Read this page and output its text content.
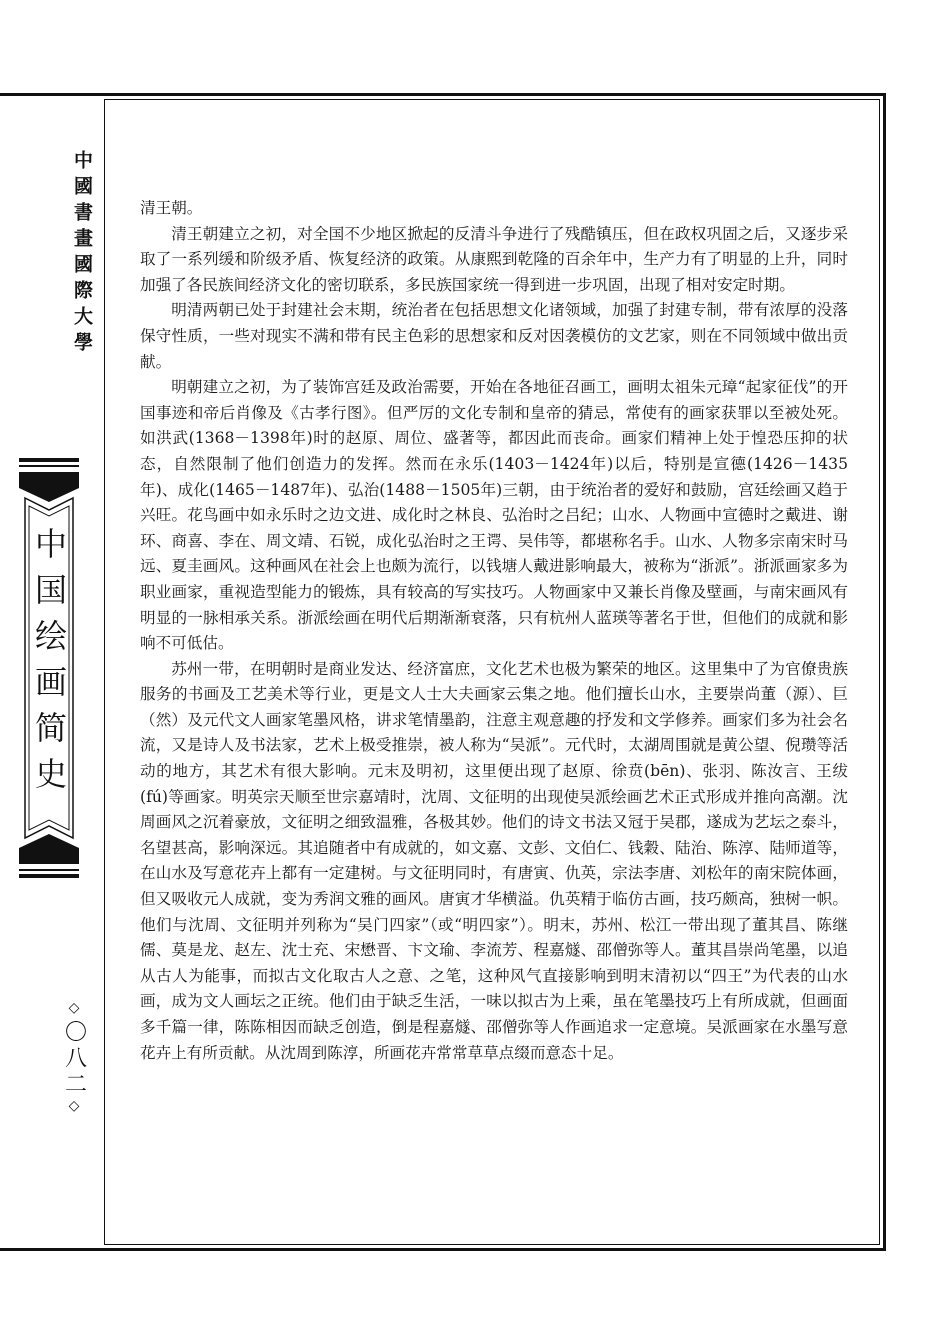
中國書畫國際大學
中国绘画简史
◇
〇八二
◇

清王朝。

清王朝建立之初，对全国不少地区掀起的反清斗争进行了残酷镇压，但在政权巩固之后，又逐步采取了一系列缓和阶级矛盾、恢复经济的政策。从康熙到乾隆的百余年中，生产力有了明显的上升，同时加强了各民族间经济文化的密切联系，多民族国家统一得到进一步巩固，出现了相对安定时期。

明清两朝已处于封建社会末期，统治者在包括思想文化诸领域，加强了封建专制，带有浓厚的没落保守性质，一些对现实不满和带有民主色彩的思想家和反对因袭模仿的文艺家，则在不同领域中做出贡献。

明朝建立之初，为了装饰宫廷及政治需要，开始在各地征召画工，画明太祖朱元璋“起家征伐”的开国事迹和帝后肖像及《古孝行图》。但严厉的文化专制和皇帝的猜忌，常使有的画家获罪以至被处死。如洪武(1368－1398年)时的赵原、周位、盛著等，都因此而丧命。画家们精神上处于惶恐压抑的状态，自然限制了他们创造力的发挥。然而在永乐(1403－1424年)以后，特别是宣德(1426－1435年)、成化(1465－1487年)、弘治(1488－1505年)三朝，由于统治者的爱好和鼓励，宫廷绘画又趋于兴旺。花鸟画中如永乐时之边文进、成化时之林良、弘治时之吕纪；山水、人物画中宣德时之戴进、谢环、商喜、李在、周文靖、石锐，成化弘治时之王谔、吴伟等，都堪称名手。山水、人物多宗南宋时马远、夏圭画风。这种画风在社会上也颇为流行，以钱塘人戴进影响最大，被称为“浙派”。浙派画家多为职业画家，重视造型能力的锻炼，具有较高的写实技巧。人物画家中又兼长肖像及壁画，与南宋画风有明显的一脉相承关系。浙派绘画在明代后期渐渐衰落，只有杭州人蓝瑛等著名于世，但他们的成就和影响不可低估。

苏州一带，在明朝时是商业发达、经济富庶，文化艺术也极为繁荣的地区。这里集中了为官僚贵族服务的书画及工艺美术等行业，更是文人士大夫画家云集之地。他们擅长山水，主要崇尚董（源）、巨（然）及元代文人画家笔墨风格，讲求笔情墨韵，注意主观意趣的抒发和文学修养。画家们多为社会名流，又是诗人及书法家，艺术上极受推崇，被人称为“吴派”。元代时，太湖周围就是黄公望、倪瓒等活动的地方，其艺术有很大影响。元末及明初，这里便出现了赵原、徐贲(bēn)、张羽、陈汝言、王绂(fú)等画家。明英宗天顺至世宗嘉靖时，沈周、文征明的出现使吴派绘画艺术正式形成并推向高潮。沈周画风之沉着豪放，文征明之细致温雅，各极其妙。他们的诗文书法又冠于吴郡，遂成为艺坛之泰斗，名望甚高，影响深远。其追随者中有成就的，如文嘉、文彭、文伯仁、钱穀、陆治、陈淳、陆师道等，在山水及写意花卉上都有一定建树。与文征明同时，有唐寅、仇英，宗法李唐、刘松年的南宋院体画，但又吸收元人成就，变为秀润文雅的画风。唐寅才华横溢。仇英精于临仿古画，技巧颇高，独树一帜。他们与沈周、文征明并列称为“吴门四家”（或“明四家”）。明末，苏州、松江一带出现了董其昌、陈继儒、莫是龙、赵左、沈士充、宋懋晋、卞文瑜、李流芳、程嘉燧、邵僧弥等人。董其昌崇尚笔墨，以追从古人为能事，而拟古文化取古人之意、之笔，这种风气直接影响到明末清初以“四王”为代表的山水画，成为文人画坛之正统。他们由于缺乏生活，一味以拟古为上乘，虽在笔墨技巧上有所成就，但画面多千篇一律，陈陈相因而缺乏创造，倒是程嘉燧、邵僧弥等人作画追求一定意境。吴派画家在水墨写意花卉上有所贡献。从沈周到陈淳，所画花卉常常草草点缀而意态十足。
